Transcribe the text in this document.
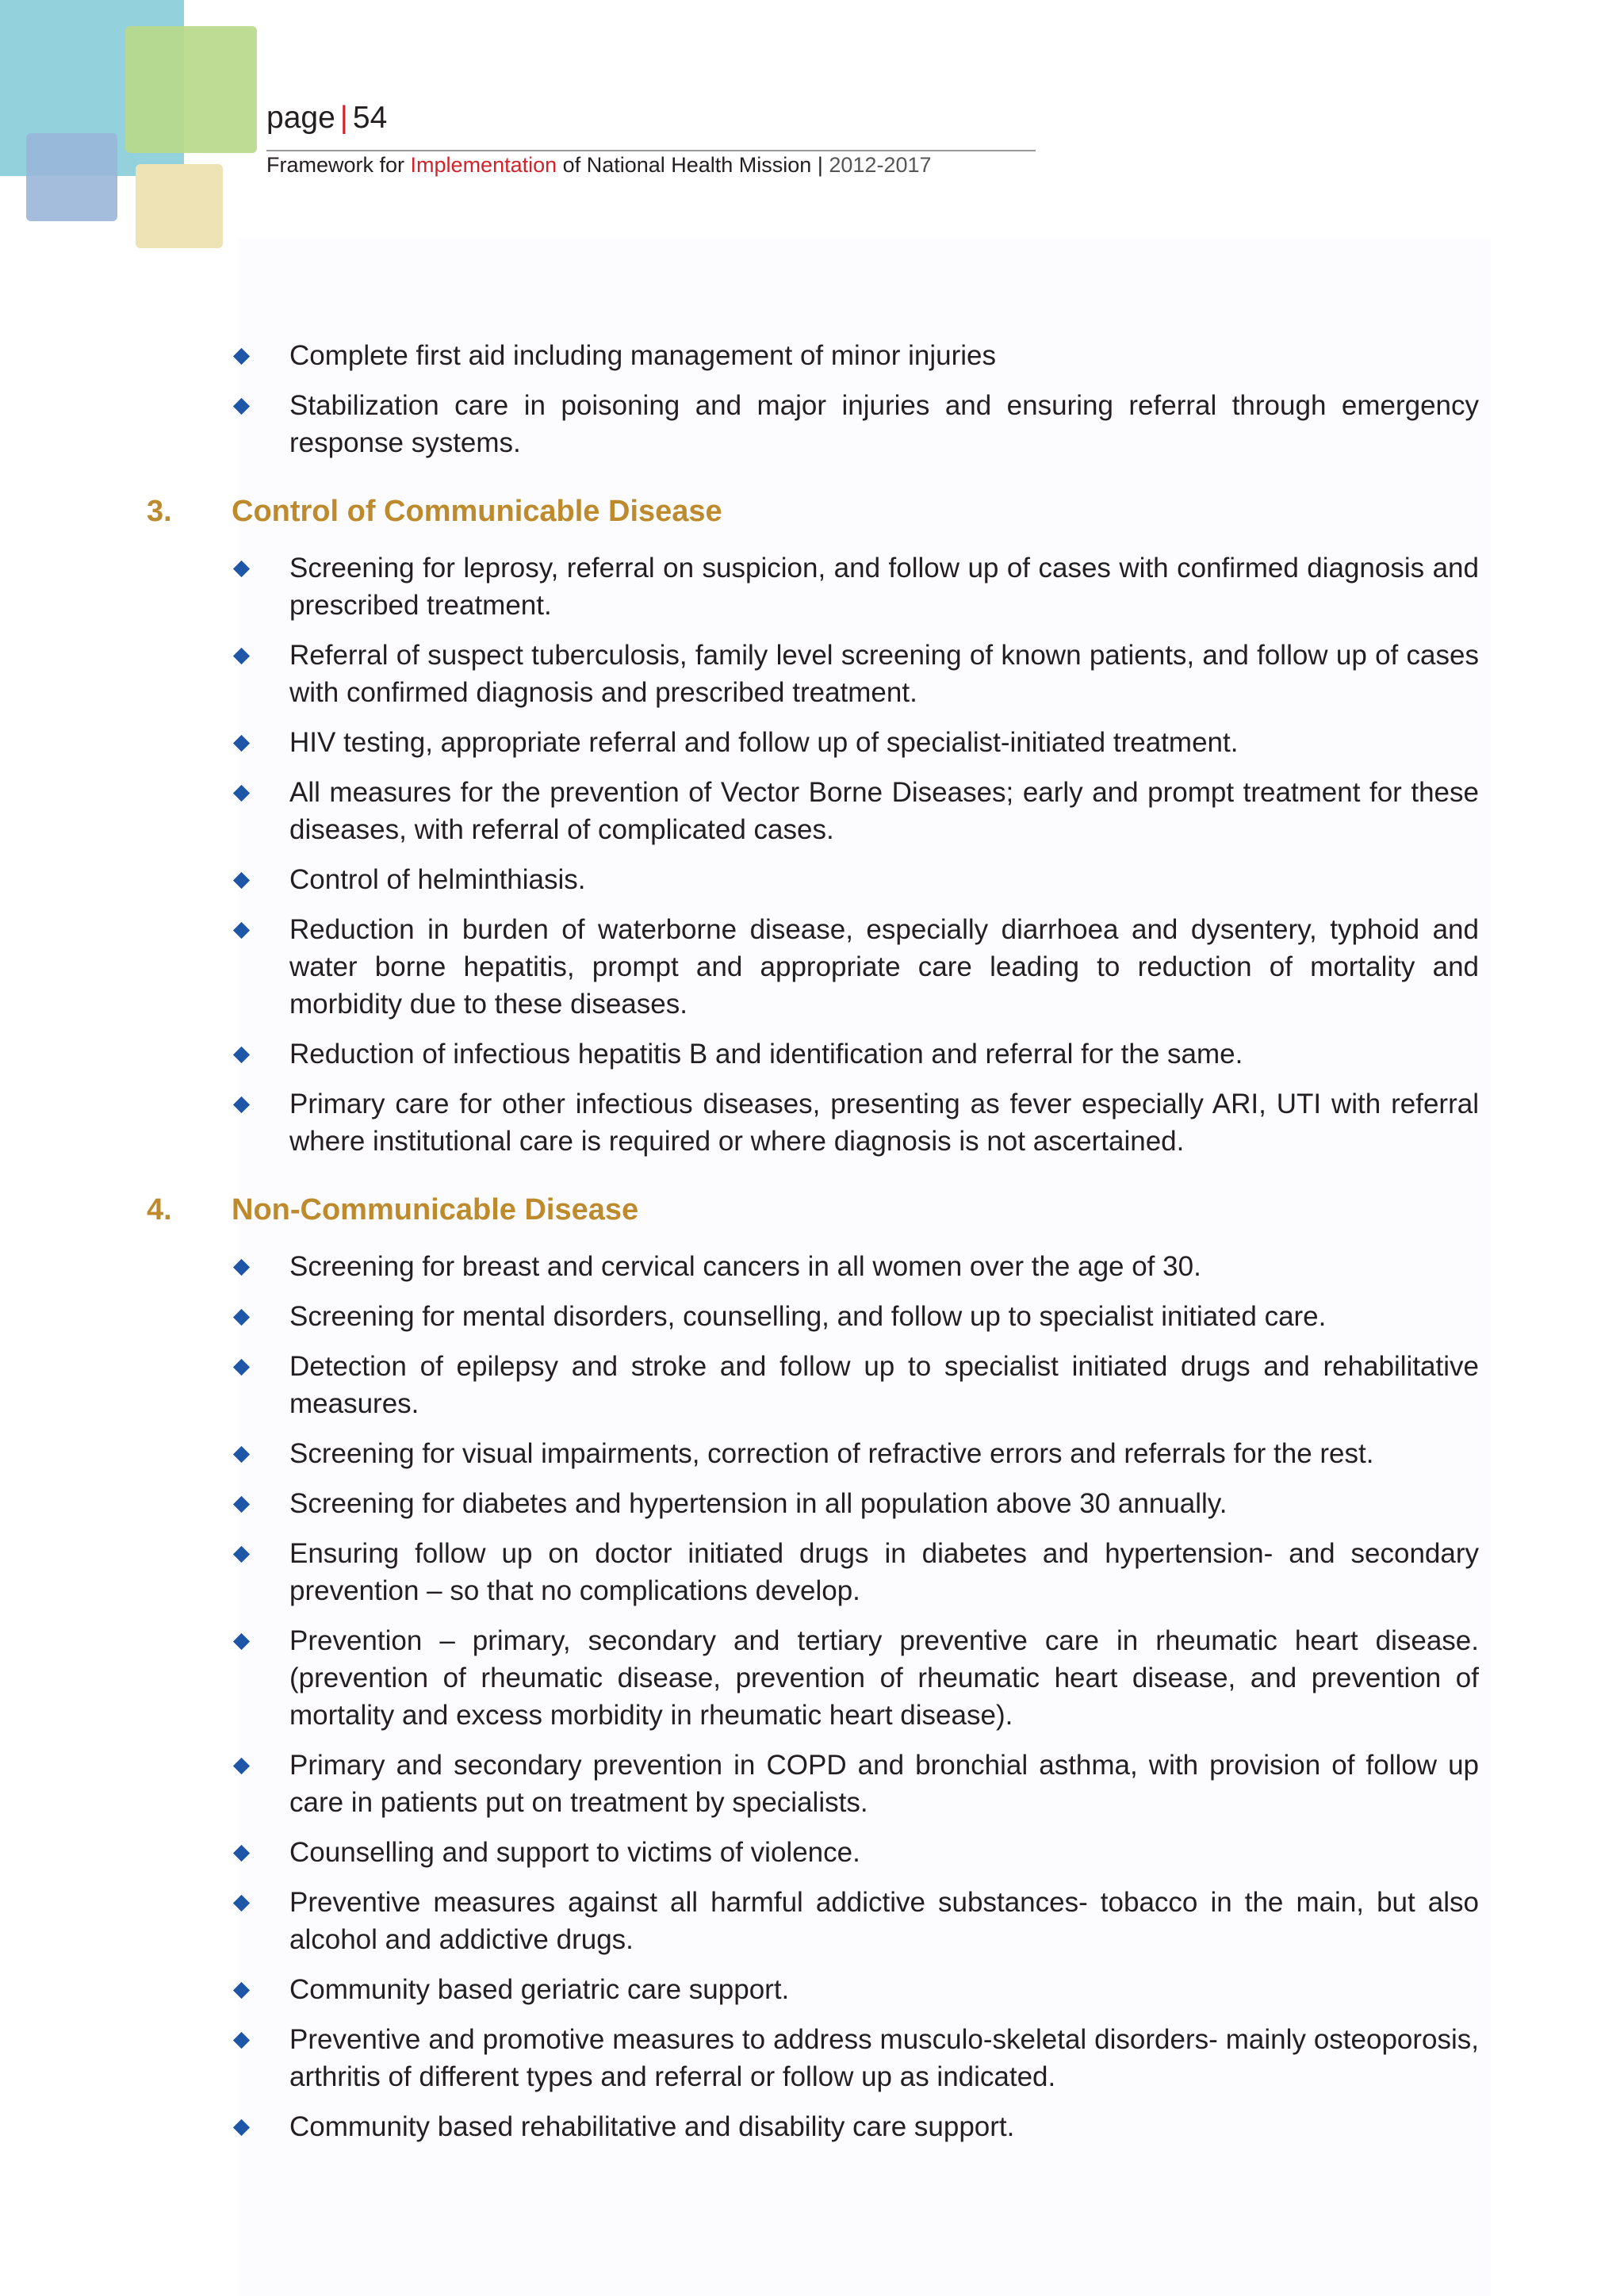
page | 54
Framework for Implementation of National Health Mission | 2012-2017
Complete first aid including management of minor injuries
Stabilization care in poisoning and major injuries and ensuring referral through emergency response systems.
3.	Control of Communicable Disease
Screening for leprosy, referral on suspicion, and follow up of cases with confirmed diagnosis and prescribed treatment.
Referral of suspect tuberculosis, family level screening of known patients, and follow up of cases with confirmed diagnosis and prescribed treatment.
HIV testing, appropriate referral and follow up of specialist-initiated treatment.
All measures for the prevention of Vector Borne Diseases; early and prompt treatment for these diseases, with referral of complicated cases.
Control of helminthiasis.
Reduction in burden of waterborne disease, especially diarrhoea and dysentery, typhoid and water borne hepatitis, prompt and appropriate care leading to reduction of mortality and morbidity due to these diseases.
Reduction of infectious hepatitis B and identification and referral for the same.
Primary care for other infectious diseases, presenting as fever especially ARI, UTI with referral where institutional care is required or where diagnosis is not ascertained.
4.	Non-Communicable Disease
Screening for breast and cervical cancers in all women over the age of 30.
Screening for mental disorders, counselling, and follow up to specialist initiated care.
Detection of epilepsy and stroke and follow up to specialist initiated drugs and rehabilitative measures.
Screening for visual impairments, correction of refractive errors and referrals for the rest.
Screening for diabetes and hypertension in all population above 30 annually.
Ensuring follow up on doctor initiated drugs in diabetes and hypertension- and secondary prevention – so that no complications develop.
Prevention – primary, secondary and tertiary preventive care in rheumatic heart disease. (prevention of rheumatic disease, prevention of rheumatic heart disease, and prevention of mortality and excess morbidity in rheumatic heart disease).
Primary and secondary prevention in COPD and bronchial asthma, with provision of follow up care in patients put on treatment by specialists.
Counselling and support to victims of violence.
Preventive measures against all harmful addictive substances- tobacco in the main, but also alcohol and addictive drugs.
Community based geriatric care support.
Preventive and promotive measures to address musculo-skeletal disorders- mainly osteoporosis, arthritis of different types and referral or follow up as indicated.
Community based rehabilitative and disability care support.
